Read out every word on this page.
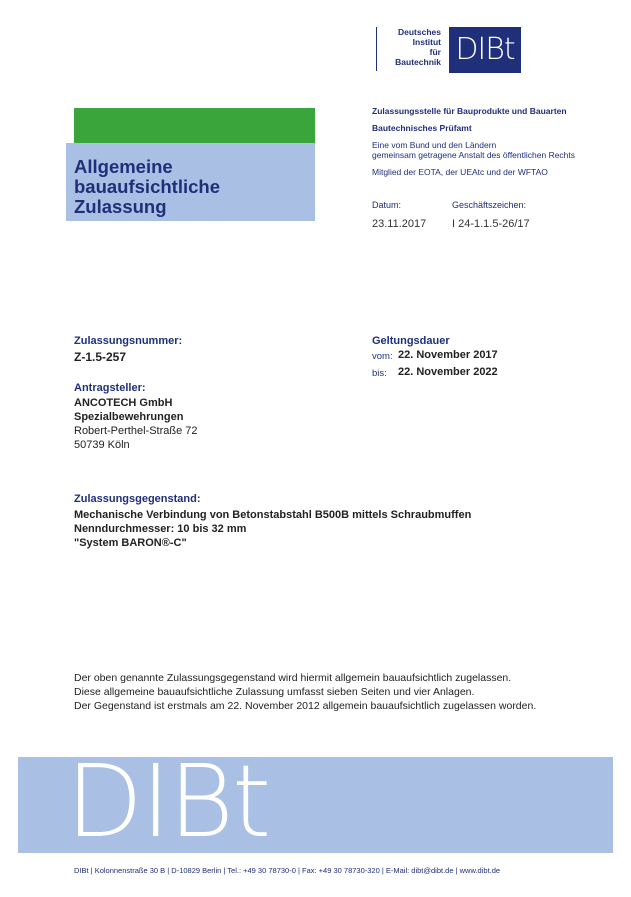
Deutsches
Institut
für
Bautechnik DIBt
Allgemeine
bauaufsichtliche
Zulassung
Zulassungsstelle für Bauprodukte und Bauarten
Bautechnisches Prüfamt
Eine vom Bund und den Ländern
gemeinsam getragene Anstalt des öffentlichen Rechts
Mitglied der EOTA, der UEAtc und der WFTAO
Datum:	Geschäftszeichen:
23.11.2017 I 24-1.1.5-26/17
Zulassungsnummer:
Z-1.5-257
Geltungsdauer
vom: 22. November 2017
bis: 22. November 2022
Antragsteller:
ANCOTECH GmbH
Spezialbewehrungen
Robert-Perthel-Straße 72
50739 Köln
Zulassungsgegenstand:
Mechanische Verbindung von Betonstabstahl B500B mittels Schraubmuffen
Nenndurchmesser: 10 bis 32 mm
"System BARON®-C"
Der oben genannte Zulassungsgegenstand wird hiermit allgemein bauaufsichtlich zugelassen.
Diese allgemeine bauaufsichtliche Zulassung umfasst sieben Seiten und vier Anlagen.
Der Gegenstand ist erstmals am 22. November 2012 allgemein bauaufsichtlich zugelassen worden.
DIBt
DIBt | Kolonnenstraße 30 B | D-10829 Berlin | Tel.: +49 30 78730-0 | Fax: +49 30 78730-320 | E-Mail: dibt@dibt.de | www.dibt.de
